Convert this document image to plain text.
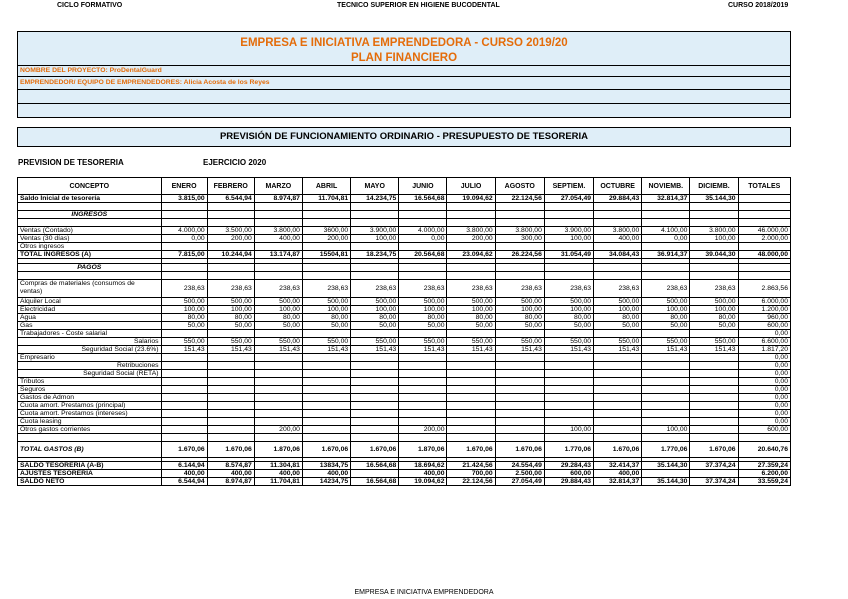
CICLO FORMATIVO	TECNICO SUPERIOR EN HIGIENE BUCODENTAL	CURSO 2018/2019
EMPRESA E INICIATIVA EMPRENDEDORA - CURSO 2019/20
PLAN FINANCIERO
NOMBRE DEL PROYECTO: ProDentalGuard
EMPRENDEDOR/ EQUIPO DE EMPRENDEDORES: Alicia Acosta de los Reyes
PREVISIÓN DE FUNCIONAMIENTO ORDINARIO - PRESUPUESTO DE TESORERIA
PREVISION DE TESORERIA	EJERCICIO 2020
CONCEPTO	ENERO	FEBRERO	MARZO	ABRIL	MAYO	JUNIO	JULIO	AGOSTO	SEPTIEM.	OCTUBRE	NOVIEMB.	DICIEMB.	TOTALES
Saldo Inicial de tesorería	3.815,00	6.544,94	8.974,87	11.704,81	14.234,75	16.564,68	19.094,62	22.124,56	27.054,49	29.884,43	32.814,37	35.144,30	

INGRESOS													

Ventas (Contado)	4.000,00	3.500,00	3.800,00	3600,00	3.900,00	4.000,00	3.800,00	3.800,00	3.900,00	3.800,00	4.100,00	3.800,00	46.000,00
Ventas (30 días)	0,00	200,00	400,00	200,00	100,00	0,00	200,00	300,00	100,00	400,00	0,00	100,00	2.000,00
Otros ingresos													
TOTAL INGRESOS (A)	7.815,00	10.244,94	13.174,87	15504,81	18.234,75	20.564,68	23.094,62	26.224,56	31.054,49	34.084,43	36.914,37	39.044,30	48.000,00

PAGOS													

Compras de materiales (consumos de ventas)	238,63	238,63	238,63	238,63	238,63	238,63	238,63	238,63	238,63	238,63	238,63	238,63	2.863,56
Alquiler Local	500,00	500,00	500,00	500,00	500,00	500,00	500,00	500,00	500,00	500,00	500,00	500,00	6.000,00
Electricidad	100,00	100,00	100,00	100,00	100,00	100,00	100,00	100,00	100,00	100,00	100,00	100,00	1.200,00
Agua	80,00	80,00	80,00	80,00	80,00	80,00	80,00	80,00	80,00	80,00	80,00	80,00	960,00
Gas	50,00	50,00	50,00	50,00	50,00	50,00	50,00	50,00	50,00	50,00	50,00	50,00	600,00
Trabajadores - Coste salarial													0,00
Salarios	550,00	550,00	550,00	550,00	550,00	550,00	550,00	550,00	550,00	550,00	550,00	550,00	6.600,00
Seguridad Social (23.6%)	151,43	151,43	151,43	151,43	151,43	151,43	151,43	151,43	151,43	151,43	151,43	151,43	1.817,20
Empresario													0,00
Retribuciones													0,00
Seguridad Social (RETA)													0,00
Tributos													0,00
Seguros													0,00
Gastos de Admon													0,00
Cuota amort. Prestamos (principal)													0,00
Cuota amort. Prestamos (intereses)													0,00
Cuota leasing													0,00
Otros gastos corrientes			200,00			200,00			100,00		100,00		600,00

TOTAL GASTOS (B)	1.670,06	1.670,06	1.870,06	1.670,06	1.670,06	1.870,06	1.670,06	1.670,06	1.770,06	1.670,06	1.770,06	1.670,06	20.640,76

SALDO TESORERIA (A-B)	6.144,94	8.574,87	11.304,81	13834,75	16.564,68	18.694,62	21.424,56	24.554,49	29.284,43	32.414,37	35.144,30	37.374,24	27.359,24
AJUSTES TESORERIA	400,00	400,00	400,00	400,00		400,00	700,00	2.500,00	600,00	400,00			6.200,00
SALDO NETO	6.544,94	8.974,87	11.704,81	14234,75	16.564,68	19.094,62	22.124,56	27.054,49	29.884,43	32.814,37	35.144,30	37.374,24	33.559,24
EMPRESA E INICIATIVA EMPRENDEDORA
